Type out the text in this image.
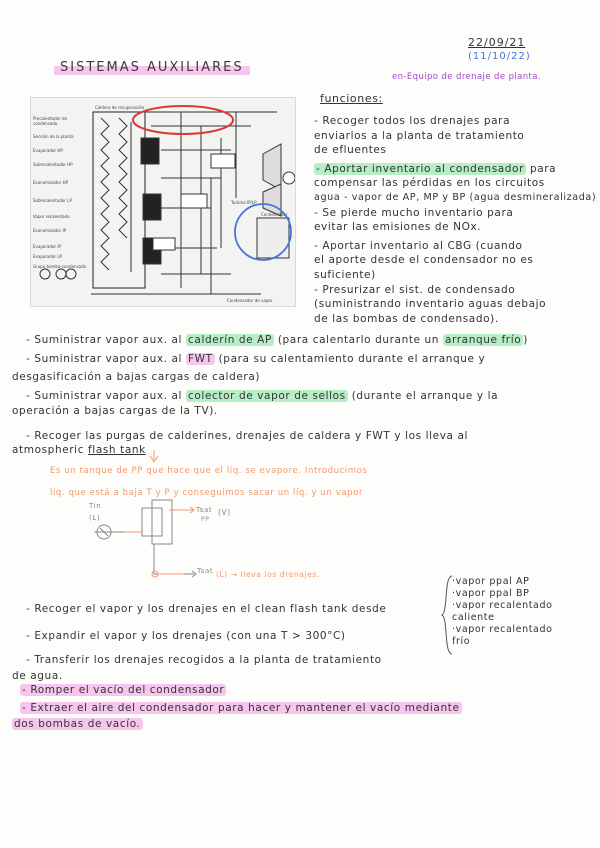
SISTEMAS AUXILIARES
22/09/21
(11/10/22)
en-Equipo de drenaje de planta.
Precalentador de
condensado
Sección de la planta
Evaporador HP
Sobrecalentador HP
Economizador HP
Sobrecalentador LP
Vapor recalentado
Economizador IP
Evaporador IP
Evaporador LP
Grupo bomba-condensado
Caldera de recuperación
Turbina IP/LP
Condensador
Condensador de vapor
funciones:
- Recoger todos los drenajes para
enviarlos a la planta de tratamiento
de efluentes
- Aportar inventario al condensador para
compensar las pérdidas en los circuitos
agua - vapor de AP, MP y BP (agua desmineralizada)
- Se pierde mucho inventario para
evitar las emisiones de NOx.
- Aportar inventario al CBG (cuando
el aporte desde el condensador no es
suficiente)
- Presurizar el sist. de condensado
(suministrando inventario aguas debajo
de las bombas de condensado).
- Suministrar vapor aux. al calderín de AP (para calentarlo durante un arranque frío )
- Suministrar vapor aux. al FWT (para su calentamiento durante el arranque y
desgasificación a bajas cargas de caldera)
- Suministrar vapor aux. al colector de vapor de sellos (durante el arranque y la
operación a bajas cargas de la TV).
- Recoger las purgas de calderines, drenajes de caldera y FWT y los lleva al
atmospheric flash tank
Es un tanque de PP que hace que el líq. se evapore. Introducimos
líq. que está a baja T y P y conseguimos sacar un líq. y un vapor
Tin
(L)
Tsat (V)
PP
Tsat (L) → lleva los drenajes.
- Recoger el vapor y los drenajes en el clean flash tank desde
- Expandir el vapor y los drenajes (con una T > 300°C)
- Transferir los drenajes recogidos a la planta de tratamiento
de agua.
- Romper el vacío del condensador
- Extraer el aire del condensador para hacer y mantener el vacío mediante
dos bombas de vacío.
·vapor ppal AP
·vapor ppal BP
·vapor recalentado
caliente
·vapor recalentado
frío
